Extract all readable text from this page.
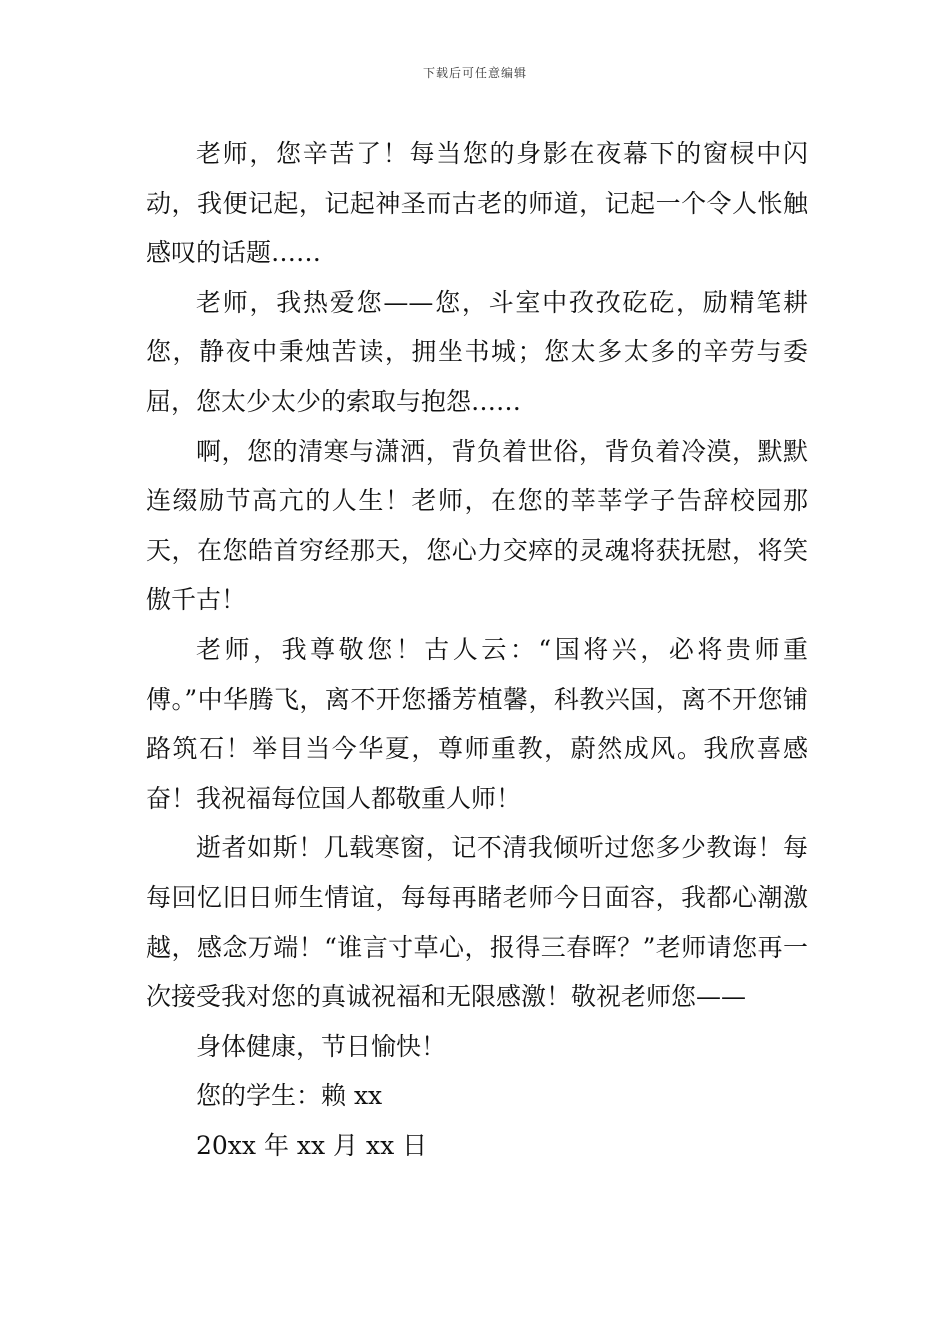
下载后可任意编辑

老师，您辛苦了！每当您的身影在夜幕下的窗棂中闪动，我便记起，记起神圣而古老的师道，记起一个令人怅触感叹的话题……

老师，我热爱您——您，斗室中孜孜矻矻，励精笔耕您，静夜中秉烛苦读，拥坐书城；您太多太多的辛劳与委屈，您太少太少的索取与抱怨……

啊，您的清寒与潇洒，背负着世俗，背负着冷漠，默默连缀励节高亢的人生！老师，在您的莘莘学子告辞校园那天，在您皓首穷经那天，您心力交瘁的灵魂将获抚慰，将笑傲千古！

老师，我尊敬您！古人云：“国将兴，必将贵师重傅。”中华腾飞，离不开您播芳植馨，科教兴国，离不开您铺路筑石！举目当今华夏，尊师重教，蔚然成风。我欣喜感奋！我祝福每位国人都敬重人师！

逝者如斯！几载寒窗，记不清我倾听过您多少教诲！每每回忆旧日师生情谊，每每再睹老师今日面容，我都心潮激越，感念万端！“谁言寸草心，报得三春晖？”老师请您再一次接受我对您的真诚祝福和无限感激！敬祝老师您——

身体健康，节日愉快！

您的学生：赖 xx

20xx 年 xx 月 xx 日
